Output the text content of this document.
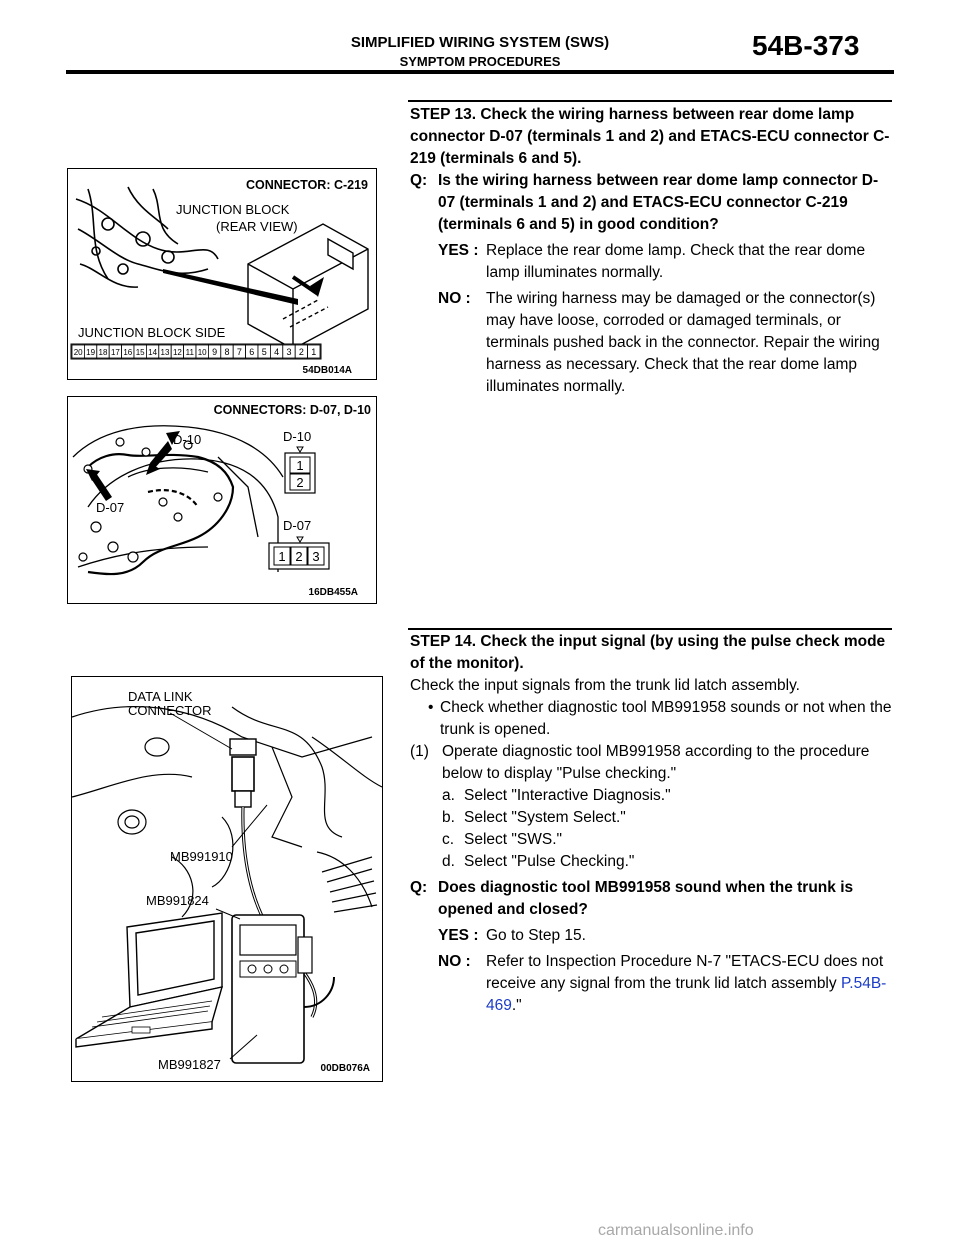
SIMPLIFIED WIRING SYSTEM (SWS)
SYMPTOM PROCEDURES
54B-373
CONNECTOR: C-219
JUNCTION BLOCK
(REAR VIEW)
JUNCTION BLOCK SIDE
20 19 18 17 16 15 14 13 12 11 10 9 8 7 6 5 4 3 2 1
54DB014A
CONNECTORS: D-07, D-10
D-10
D-07
D-10
1
2
D-07
1 2 3
16DB455A
DATA LINK
CONNECTOR
MB991910
MB991824
MB991827	00DB076A

STEP 13. Check the wiring harness between rear dome lamp connector D-07 (terminals 1 and 2) and ETACS-ECU connector C-219 (terminals 6 and 5).

Q: Is the wiring harness between rear dome lamp connector D-07 (terminals 1 and 2) and ETACS-ECU connector C-219 (terminals 6 and 5) in good condition?
YES : Replace the rear dome lamp. Check that the rear dome lamp illuminates normally.
NO : The wiring harness may be damaged or the connector(s) may have loose, corroded or damaged terminals, or terminals pushed back in the connector. Repair the wiring harness as necessary. Check that the rear dome lamp illuminates normally.

STEP 14. Check the input signal (by using the pulse check mode of the monitor).

Check the input signals from the trunk lid latch assembly.

• Check whether diagnostic tool MB991958 sounds or not when the trunk is opened.
(1) Operate diagnostic tool MB991958 according to the procedure below to display "Pulse checking."
a. Select "Interactive Diagnosis."
b. Select "System Select."
c. Select "SWS."
d. Select "Pulse Checking."
Q: Does diagnostic tool MB991958 sound when the trunk is opened and closed?
YES : Go to Step 15.
NO : Refer to Inspection Procedure N-7 "ETACS-ECU does not receive any signal from the trunk lid latch assembly P.54B-469."
carmanualsonline.info
